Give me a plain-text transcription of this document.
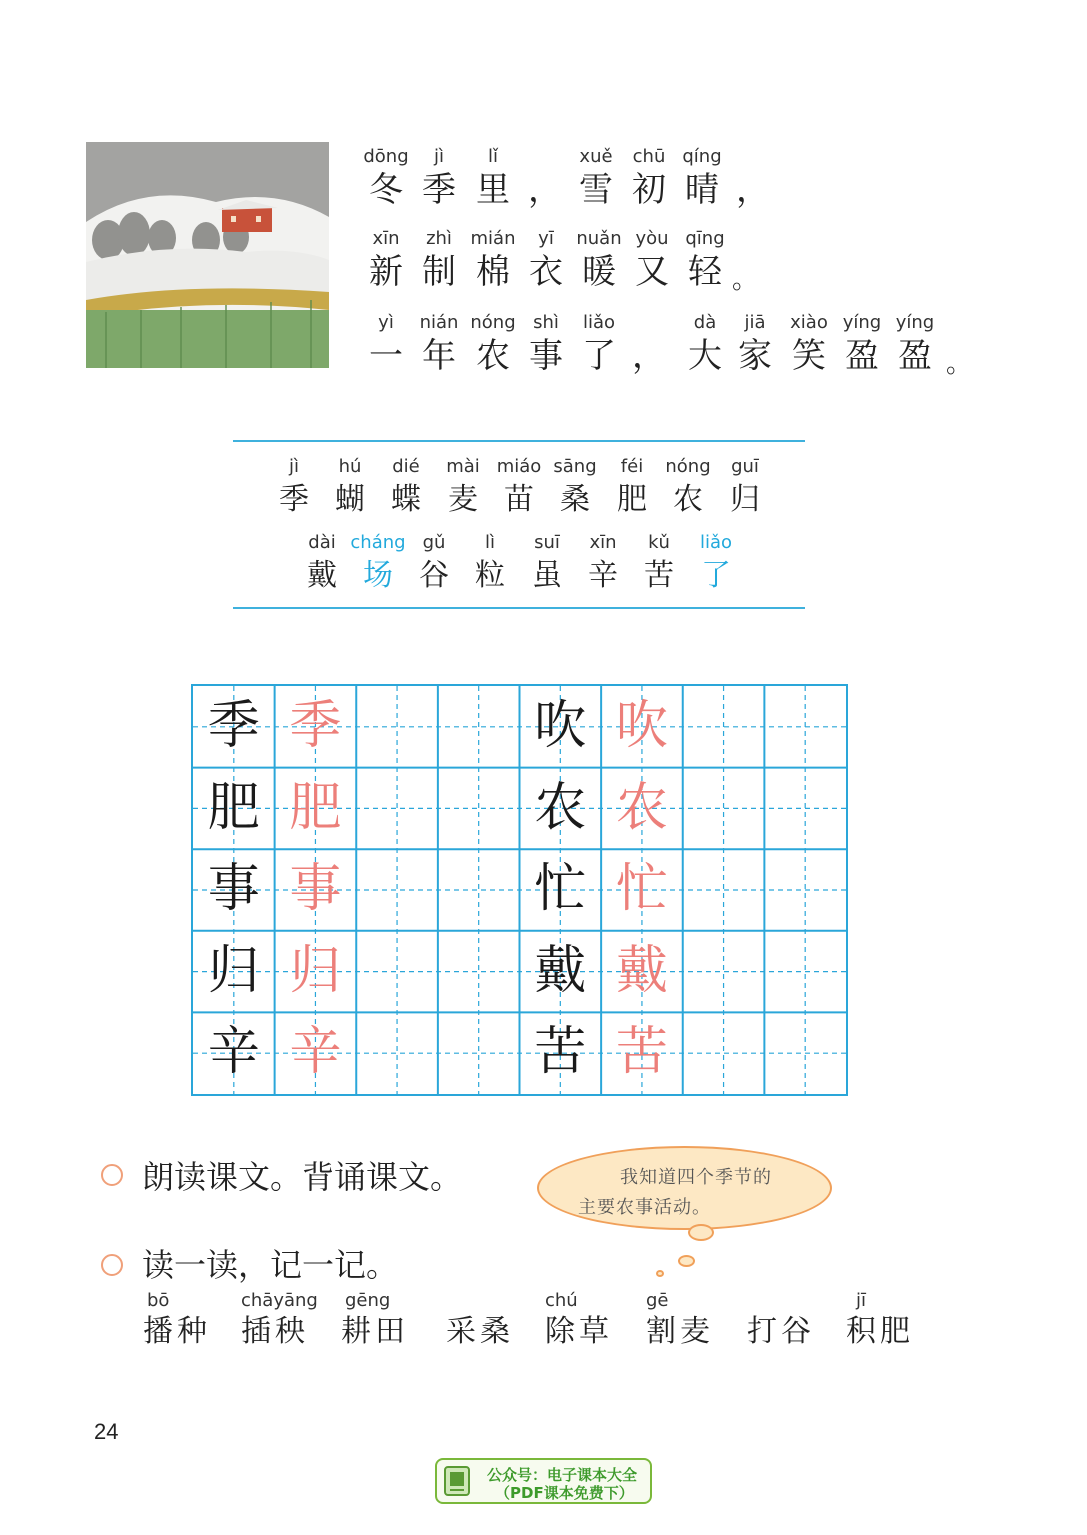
dōng
冬
jì
季
lǐ
里
xuě
雪
chū
初
qíng
晴
，	，
xīn
新
zhì
制
mián
棉
yī
衣
nuǎn
暖
yòu
又
qīng
轻 。
yì
一
nián
年
nóng
农
shì
事
liǎo
了
dà
大
jiā
家
xiào
笑
yíng
盈
yíng
盈
，	。
jì
季
hú
蝴
dié
蝶
mài
麦
miáo
苗
sāng
桑
féi
肥
nóng
农
guī
归
dài
戴
cháng
场
gǔ
谷
lì
粒
suī
虽
xīn
辛
kǔ
苦
liǎo
了
季 季
肥 肥
事 事
归 归
辛 辛
吹 吹
农 农
忙 忙
戴 戴
苦 苦
朗读课文。背诵课文。	我知道四个季节的
主要农事活动。
读一读，记一记。
bō
播种
chāyāng
插秧
gēng
耕田 采桑
chú
除草
gē
割麦 打谷
jī
积肥
24
公众号：电子课本大全
（PDF课本免费下）
